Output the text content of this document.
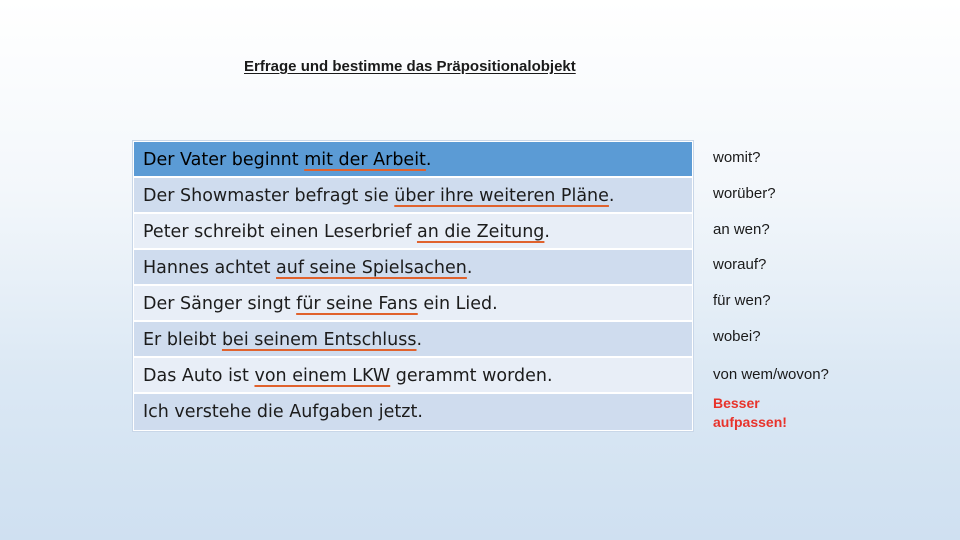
Erfrage und bestimme das Präpositionalobjekt
Der Vater beginnt mit der Arbeit.
Der Showmaster befragt sie über ihre weiteren Pläne.
Peter schreibt einen Leserbrief an die Zeitung.
Hannes achtet auf seine Spielsachen.
Der Sänger singt für seine Fans ein Lied.
Er bleibt bei seinem Entschluss.
Das Auto ist von einem LKW gerammt worden.
Ich verstehe die Aufgaben jetzt.
womit?
worüber?
an wen?
worauf?
für wen?
wobei?
von wem/wovon?
Besser
aufpassen!
